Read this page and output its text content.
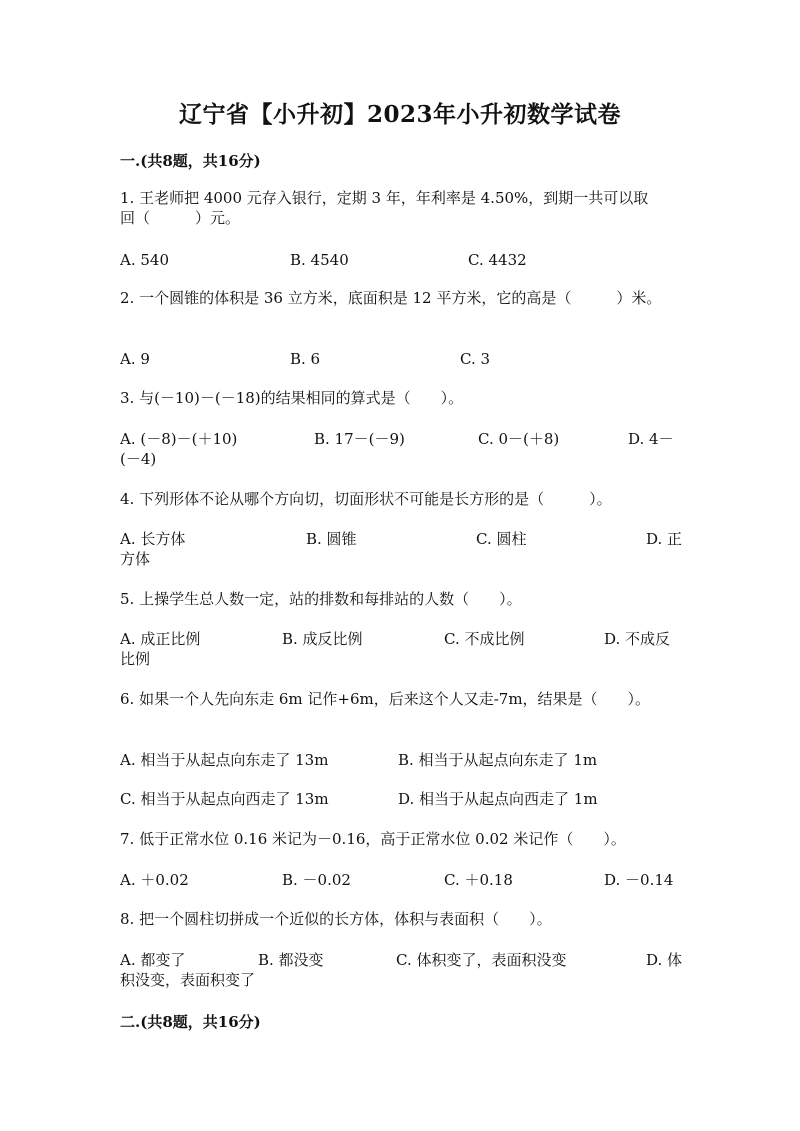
辽宁省【小升初】2023年小升初数学试卷
一.(共8题，共16分)
1. 王老师把 4000 元存入银行，定期 3 年，年利率是 4.50%，到期一共可以取
回（　　　）元。
A. 540	B. 4540	C. 4432
2. 一个圆锥的体积是 36 立方米，底面积是 12 平方米，它的高是（　　　）米。
A. 9	B. 6	C. 3
3. 与(－10)－(－18)的结果相同的算式是（　　）。
A. (－8)－(＋10)	B. 17－(－9)	C. 0－(＋8)	D. 4－
(－4)
4. 下列形体不论从哪个方向切，切面形状不可能是长方形的是（　　　）。
A. 长方体	B. 圆锥	C. 圆柱	D. 正
方体
5. 上操学生总人数一定，站的排数和每排站的人数（　　）。
A. 成正比例	B. 成反比例	C. 不成比例	D. 不成反
比例
6. 如果一个人先向东走 6m 记作+6m，后来这个人又走-7m，结果是（　　）。
A. 相当于从起点向东走了 13m	B. 相当于从起点向东走了 1m
C. 相当于从起点向西走了 13m	D. 相当于从起点向西走了 1m
7. 低于正常水位 0.16 米记为－0.16，高于正常水位 0.02 米记作（　　）。
A. ＋0.02	B. －0.02	C. ＋0.18	D. －0.14
8. 把一个圆柱切拼成一个近似的长方体，体积与表面积（　　）。
A. 都变了	B. 都没变	C. 体积变了，表面积没变	D. 体
积没变，表面积变了
二.(共8题，共16分)
